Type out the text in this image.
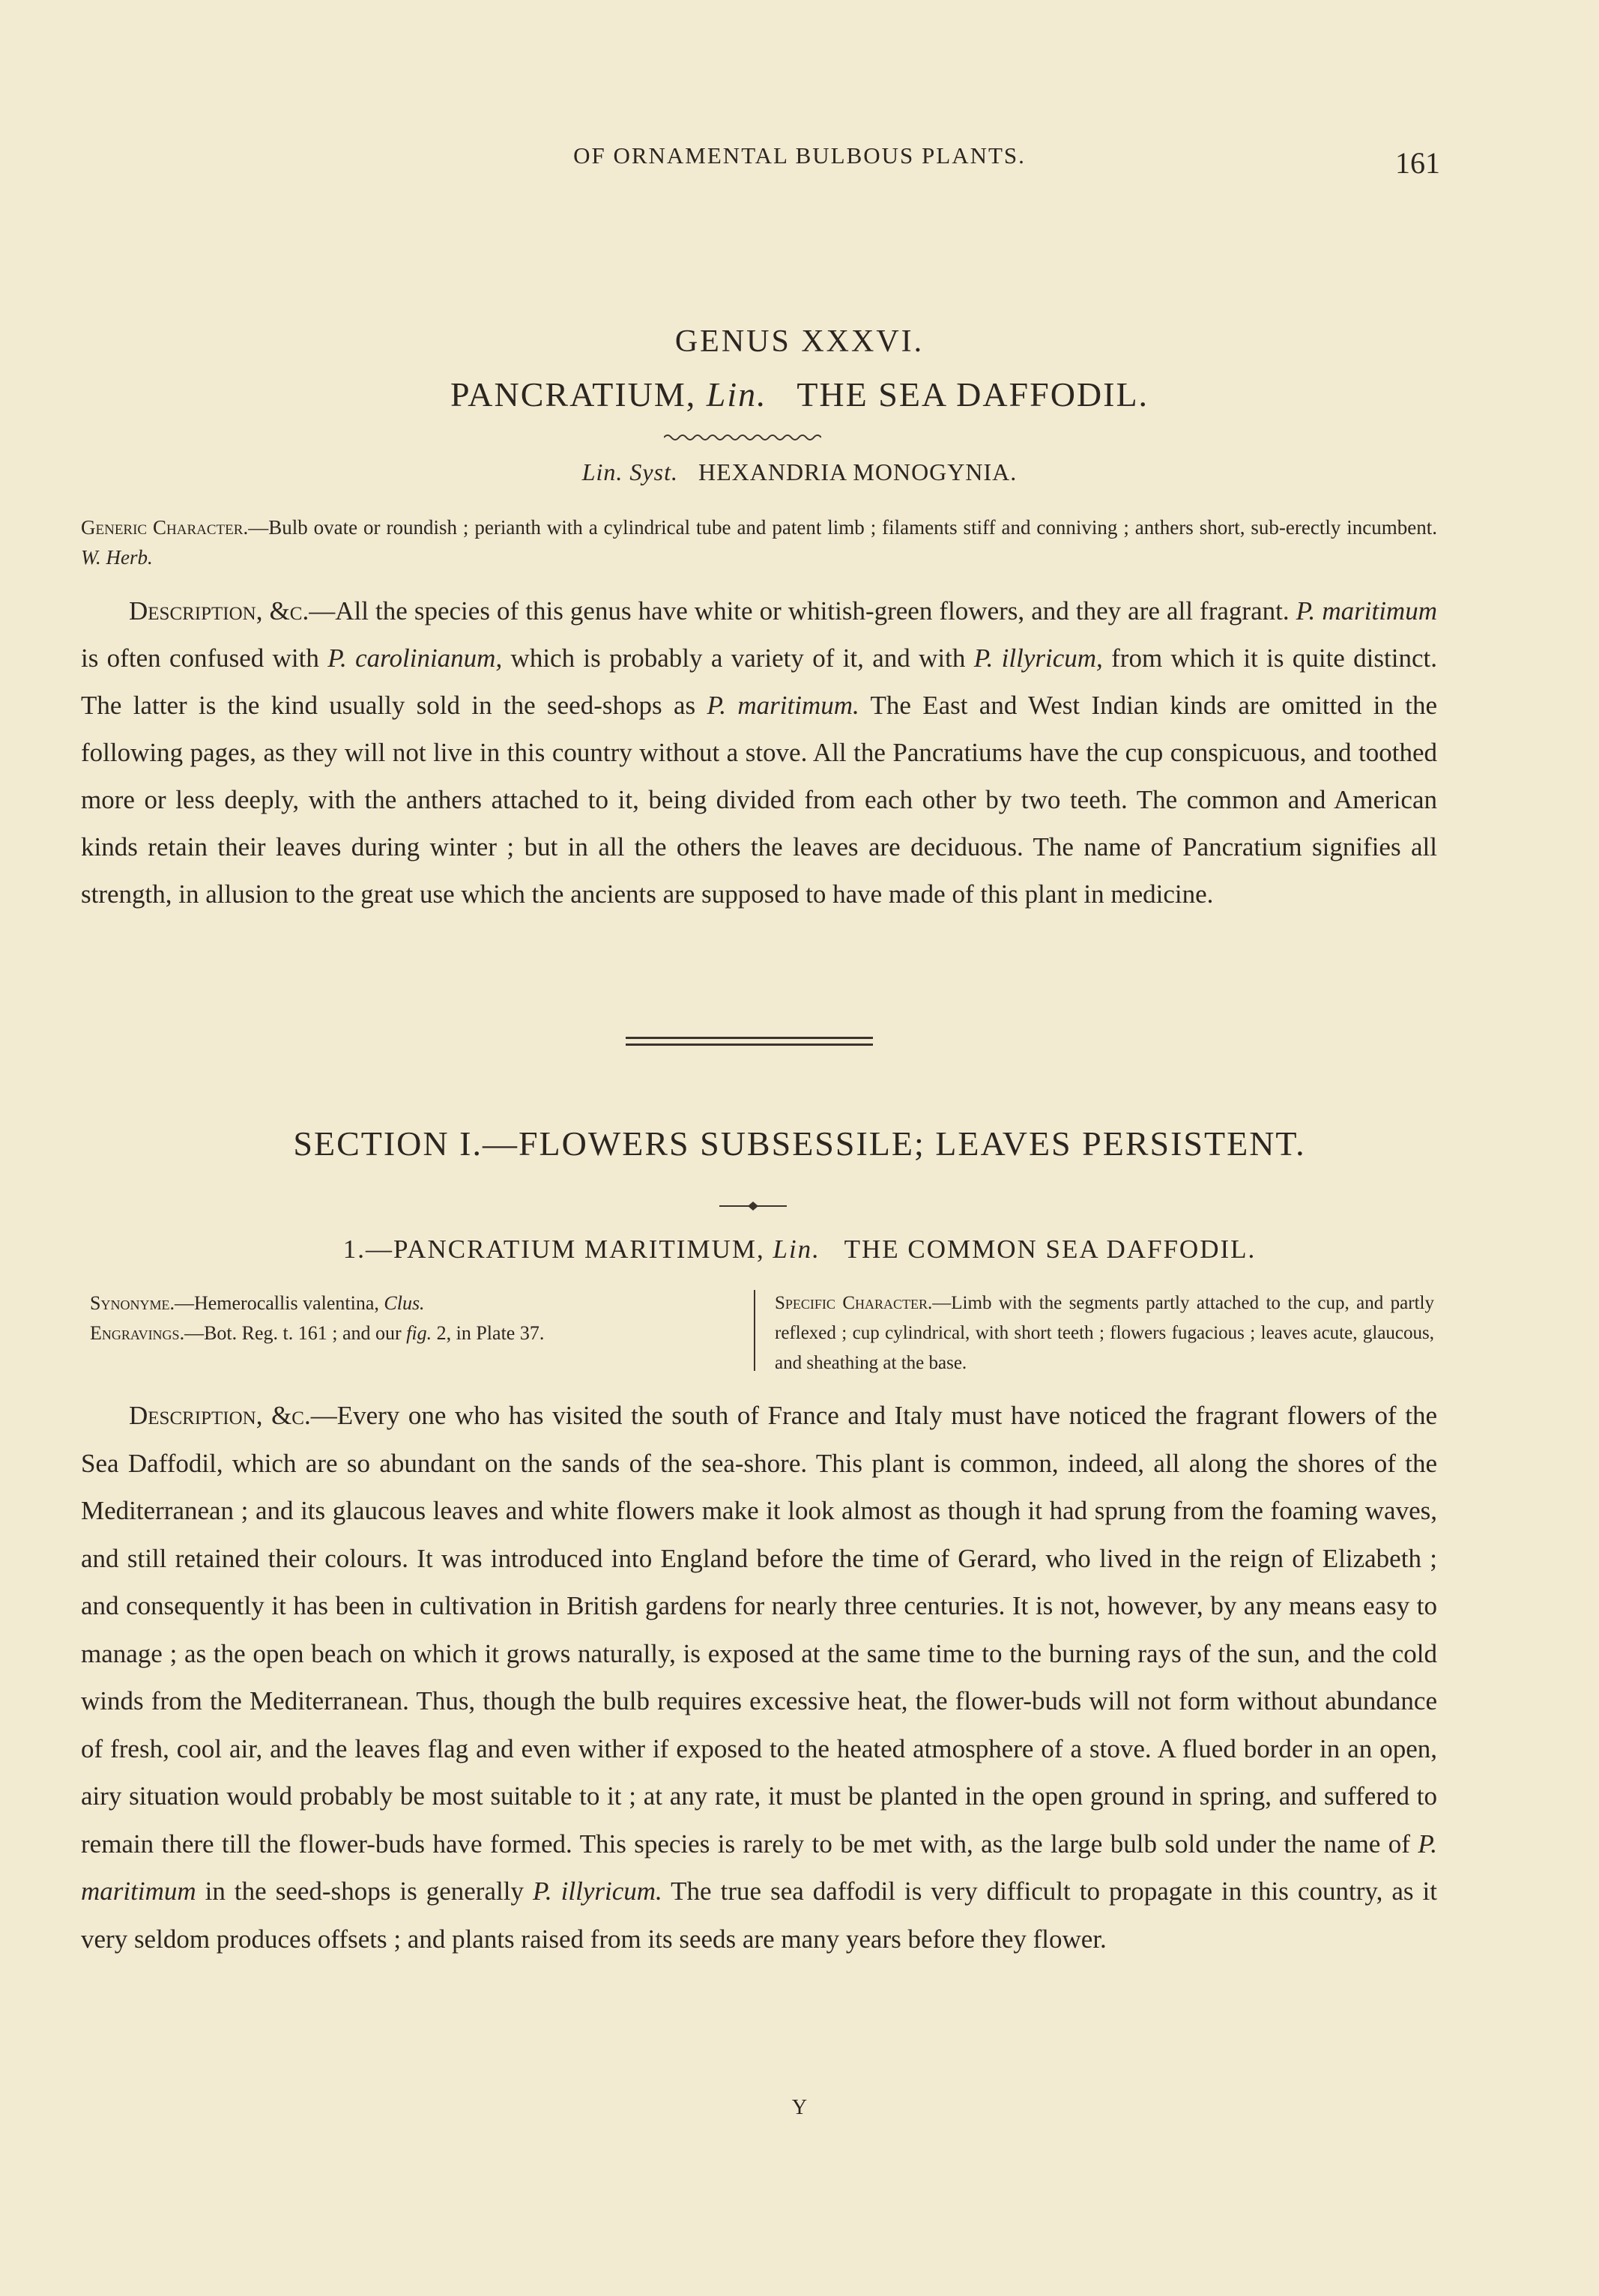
OF ORNAMENTAL BULBOUS PLANTS.	161
GENUS XXXVI.
PANCRATIUM, Lin. THE SEA DAFFODIL.
Lin. Syst. HEXANDRIA MONOGYNIA.
Generic Character.—Bulb ovate or roundish ; perianth with a cylindrical tube and patent limb ; filaments stiff and conniving ; anthers short, sub-erectly incumbent. W. Herb.

Description, &c.—All the species of this genus have white or whitish-green flowers, and they are all fragrant. P. maritimum is often confused with P. carolinianum, which is probably a variety of it, and with P. illyricum, from which it is quite distinct. The latter is the kind usually sold in the seed-shops as P. maritimum. The East and West Indian kinds are omitted in the following pages, as they will not live in this country without a stove. All the Pancratiums have the cup conspicuous, and toothed more or less deeply, with the anthers attached to it, being divided from each other by two teeth. The common and American kinds retain their leaves during winter ; but in all the others the leaves are deciduous. The name of Pancratium signifies all strength, in allusion to the great use which the ancients are supposed to have made of this plant in medicine.

SECTION I.—FLOWERS SUBSESSILE; LEAVES PERSISTENT.
1.—PANCRATIUM MARITIMUM, Lin. THE COMMON SEA DAFFODIL.
Synonyme.—Hemerocallis valentina, Clus.
Engravings.—Bot. Reg. t. 161 ; and our fig. 2, in Plate 37.
Specific Character.—Limb with the segments partly attached to the cup, and partly reflexed ; cup cylindrical, with short teeth ; flowers fugacious ; leaves acute, glaucous, and sheathing at the base.

Description, &c.—Every one who has visited the south of France and Italy must have noticed the fragrant flowers of the Sea Daffodil, which are so abundant on the sands of the sea-shore. This plant is common, indeed, all along the shores of the Mediterranean ; and its glaucous leaves and white flowers make it look almost as though it had sprung from the foaming waves, and still retained their colours. It was introduced into England before the time of Gerard, who lived in the reign of Elizabeth ; and consequently it has been in cultivation in British gardens for nearly three centuries. It is not, however, by any means easy to manage ; as the open beach on which it grows naturally, is exposed at the same time to the burning rays of the sun, and the cold winds from the Mediterranean. Thus, though the bulb requires excessive heat, the flower-buds will not form without abundance of fresh, cool air, and the leaves flag and even wither if exposed to the heated atmosphere of a stove. A flued border in an open, airy situation would probably be most suitable to it ; at any rate, it must be planted in the open ground in spring, and suffered to remain there till the flower-buds have formed. This species is rarely to be met with, as the large bulb sold under the name of P. maritimum in the seed-shops is generally P. illyricum. The true sea daffodil is very difficult to propagate in this country, as it very seldom produces offsets ; and plants raised from its seeds are many years before they flower.

Y
